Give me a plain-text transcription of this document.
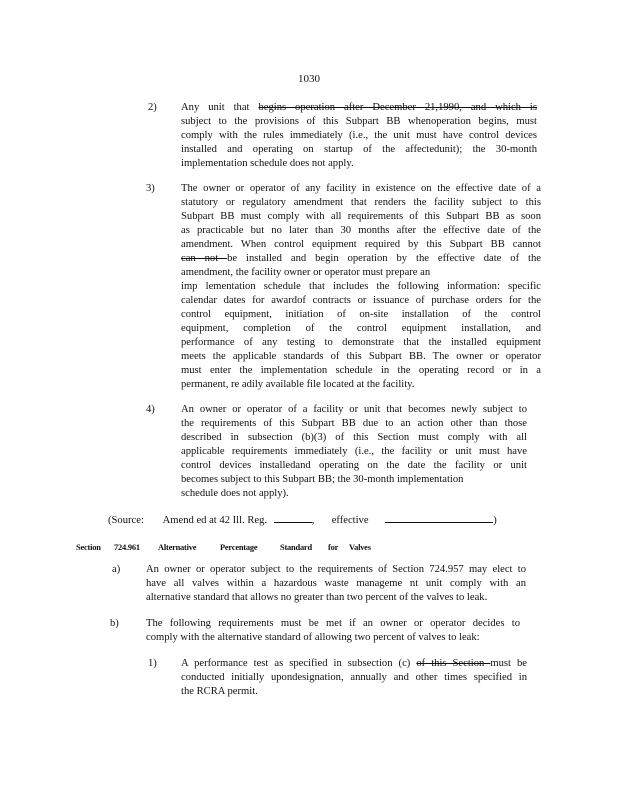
1030
2) Any unit that begins operation after December 21,1990, and which is
subject to the provisions of this Subpart BB whenoperation begins, must
comply with the rules immediately (i.e., the unit must have control devices
installed and operating on startup of the affectedunit); the 30-month
implementation schedule does not apply.
3) The owner or operator of any facility in existence on the effective date of a
statutory or regulatory amendment that renders the facility subject to this
Subpart BB must comply with all requirements of this Subpart BB as soon
as practicable but no later than 30 months after the effective date of the
amendment. When control equipment required by this Subpart BB cannot
can not be installed and begin operation by the effective date of the
amendment, the facility owner or operator must prepare an
imp lementation schedule that includes the following information: specific
calendar dates for awardof contracts or issuance of purchase orders for the
control equipment, initiation of on-site installation of the control
equipment, completion of the control equipment installation, and
performance of any testing to demonstrate that the installed equipment
meets the applicable standards of this Subpart BB. The owner or operator
must enter the implementation schedule in the operating record or in a
permanent, re adily available file located at the facility.
4) An owner or operator of a facility or unit that becomes newly subject to
the requirements of this Subpart BB due to an action other than those
described in subsection (b)(3) of this Section must comply with all
applicable requirements immediately (i.e., the facility or unit must have
control devices installedand operating on the date the facility or unit
becomes subject to this Subpart BB; the 30-month implementation
schedule does not apply).
(Source: Amend ed at 42 Ill. Reg.	, effective	)
Section 724.961 Alternative	Percentage	Standard for Valves
a) An owner or operator subject to the requirements of Section 724.957 may elect to
have all valves within a hazardous waste manageme nt unit comply with an
alternative standard that allows no greater than two percent of the valves to leak.
b)	The following requirements must be met if an owner or operator decides to
comply with the alternative standard of allowing two percent of valves to leak:
1) A performance test as specified in subsection (c) of this Section must be
conducted initially upondesignation, annually and other times specified in
the RCRA permit.
